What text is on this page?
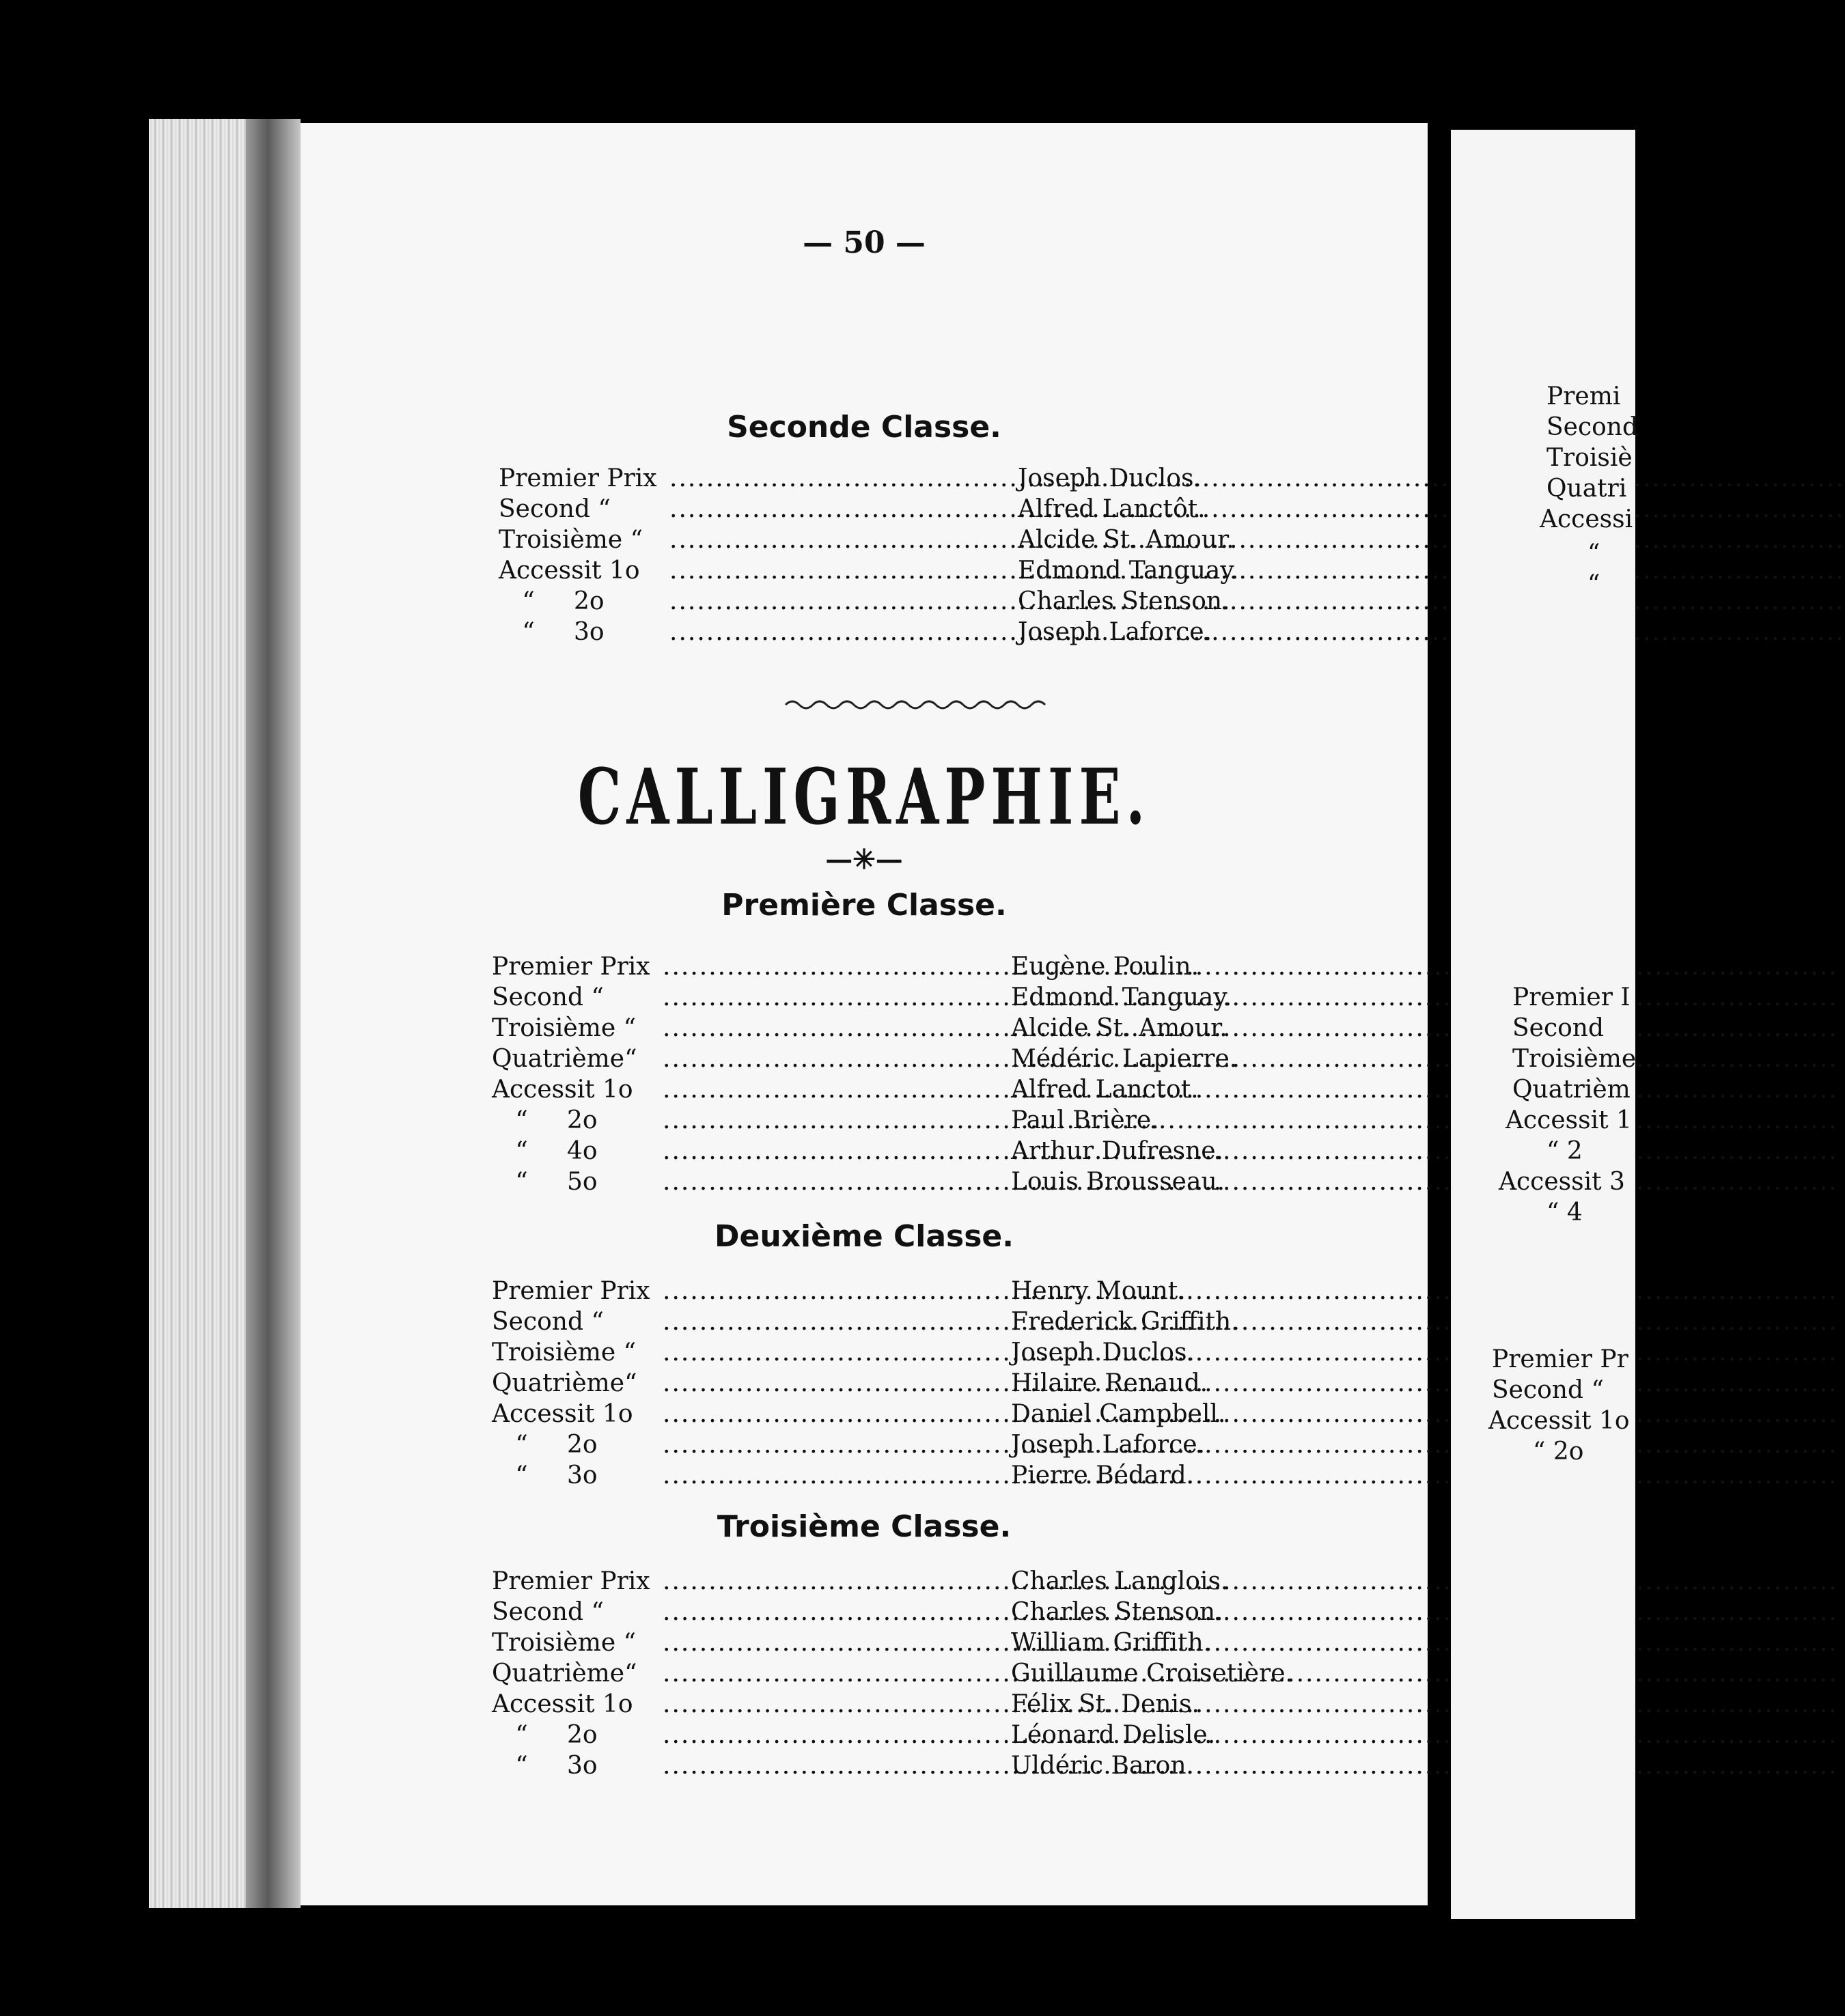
— 50 —
Seconde Classe.
Premier Prix .....	Joseph Duclos.
Second “ .....	Alfred Lanctôt.
Troisième “ .....	Alcide St. Amour.
Accessit 1o .....	Edmond Tanguay.
“     2o .....	Charles Stenson.
“     3o .....	Joseph Laforce.
CALLIGRAPHIE.
—✳—
Première Classe.
Premier Prix .....	Eugène Poulin.
Second “ .....	Edmond Tanguay.
Troisième “ .....	Alcide St. Amour.
Quatrième“ .....	Médéric Lapierre.
Accessit 1o .....	Alfred Lanctot.
“     2o .....	Paul Brière.
“     4o .....	Arthur Dufresne.
“     5o .....	Louis Brousseau.
Deuxième Classe.
Premier Prix .....	Henry Mount.
Second “ .....	Frederick Griffith.
Troisième “ .....	Joseph Duclos.
Quatrième“ .....	Hilaire Renaud.
Accessit 1o .....	Daniel Campbell.
“     2o .....	Joseph Laforce.
“     3o .....	Pierre Bédard.
Troisième Classe.
Premier Prix .....	Charles Langlois.
Second “ .....	Charles Stenson.
Troisième “ .....	William Griffith.
Quatrième“ .....	Guillaume Croisetière.
Accessit 1o .....	Félix St. Denis.
“     2o .....	Léonard Delisle.
“     3o .....	Uldéric Baron.
Premi
Second
Troisiè
Quatri
Accessi
“
“
Premier I
Second
Troisième
Quatrièm
Accessit 1
“ 2
Accessit 3
“ 4
Premier Pr
Second “
Accessit 1o
“ 2o
